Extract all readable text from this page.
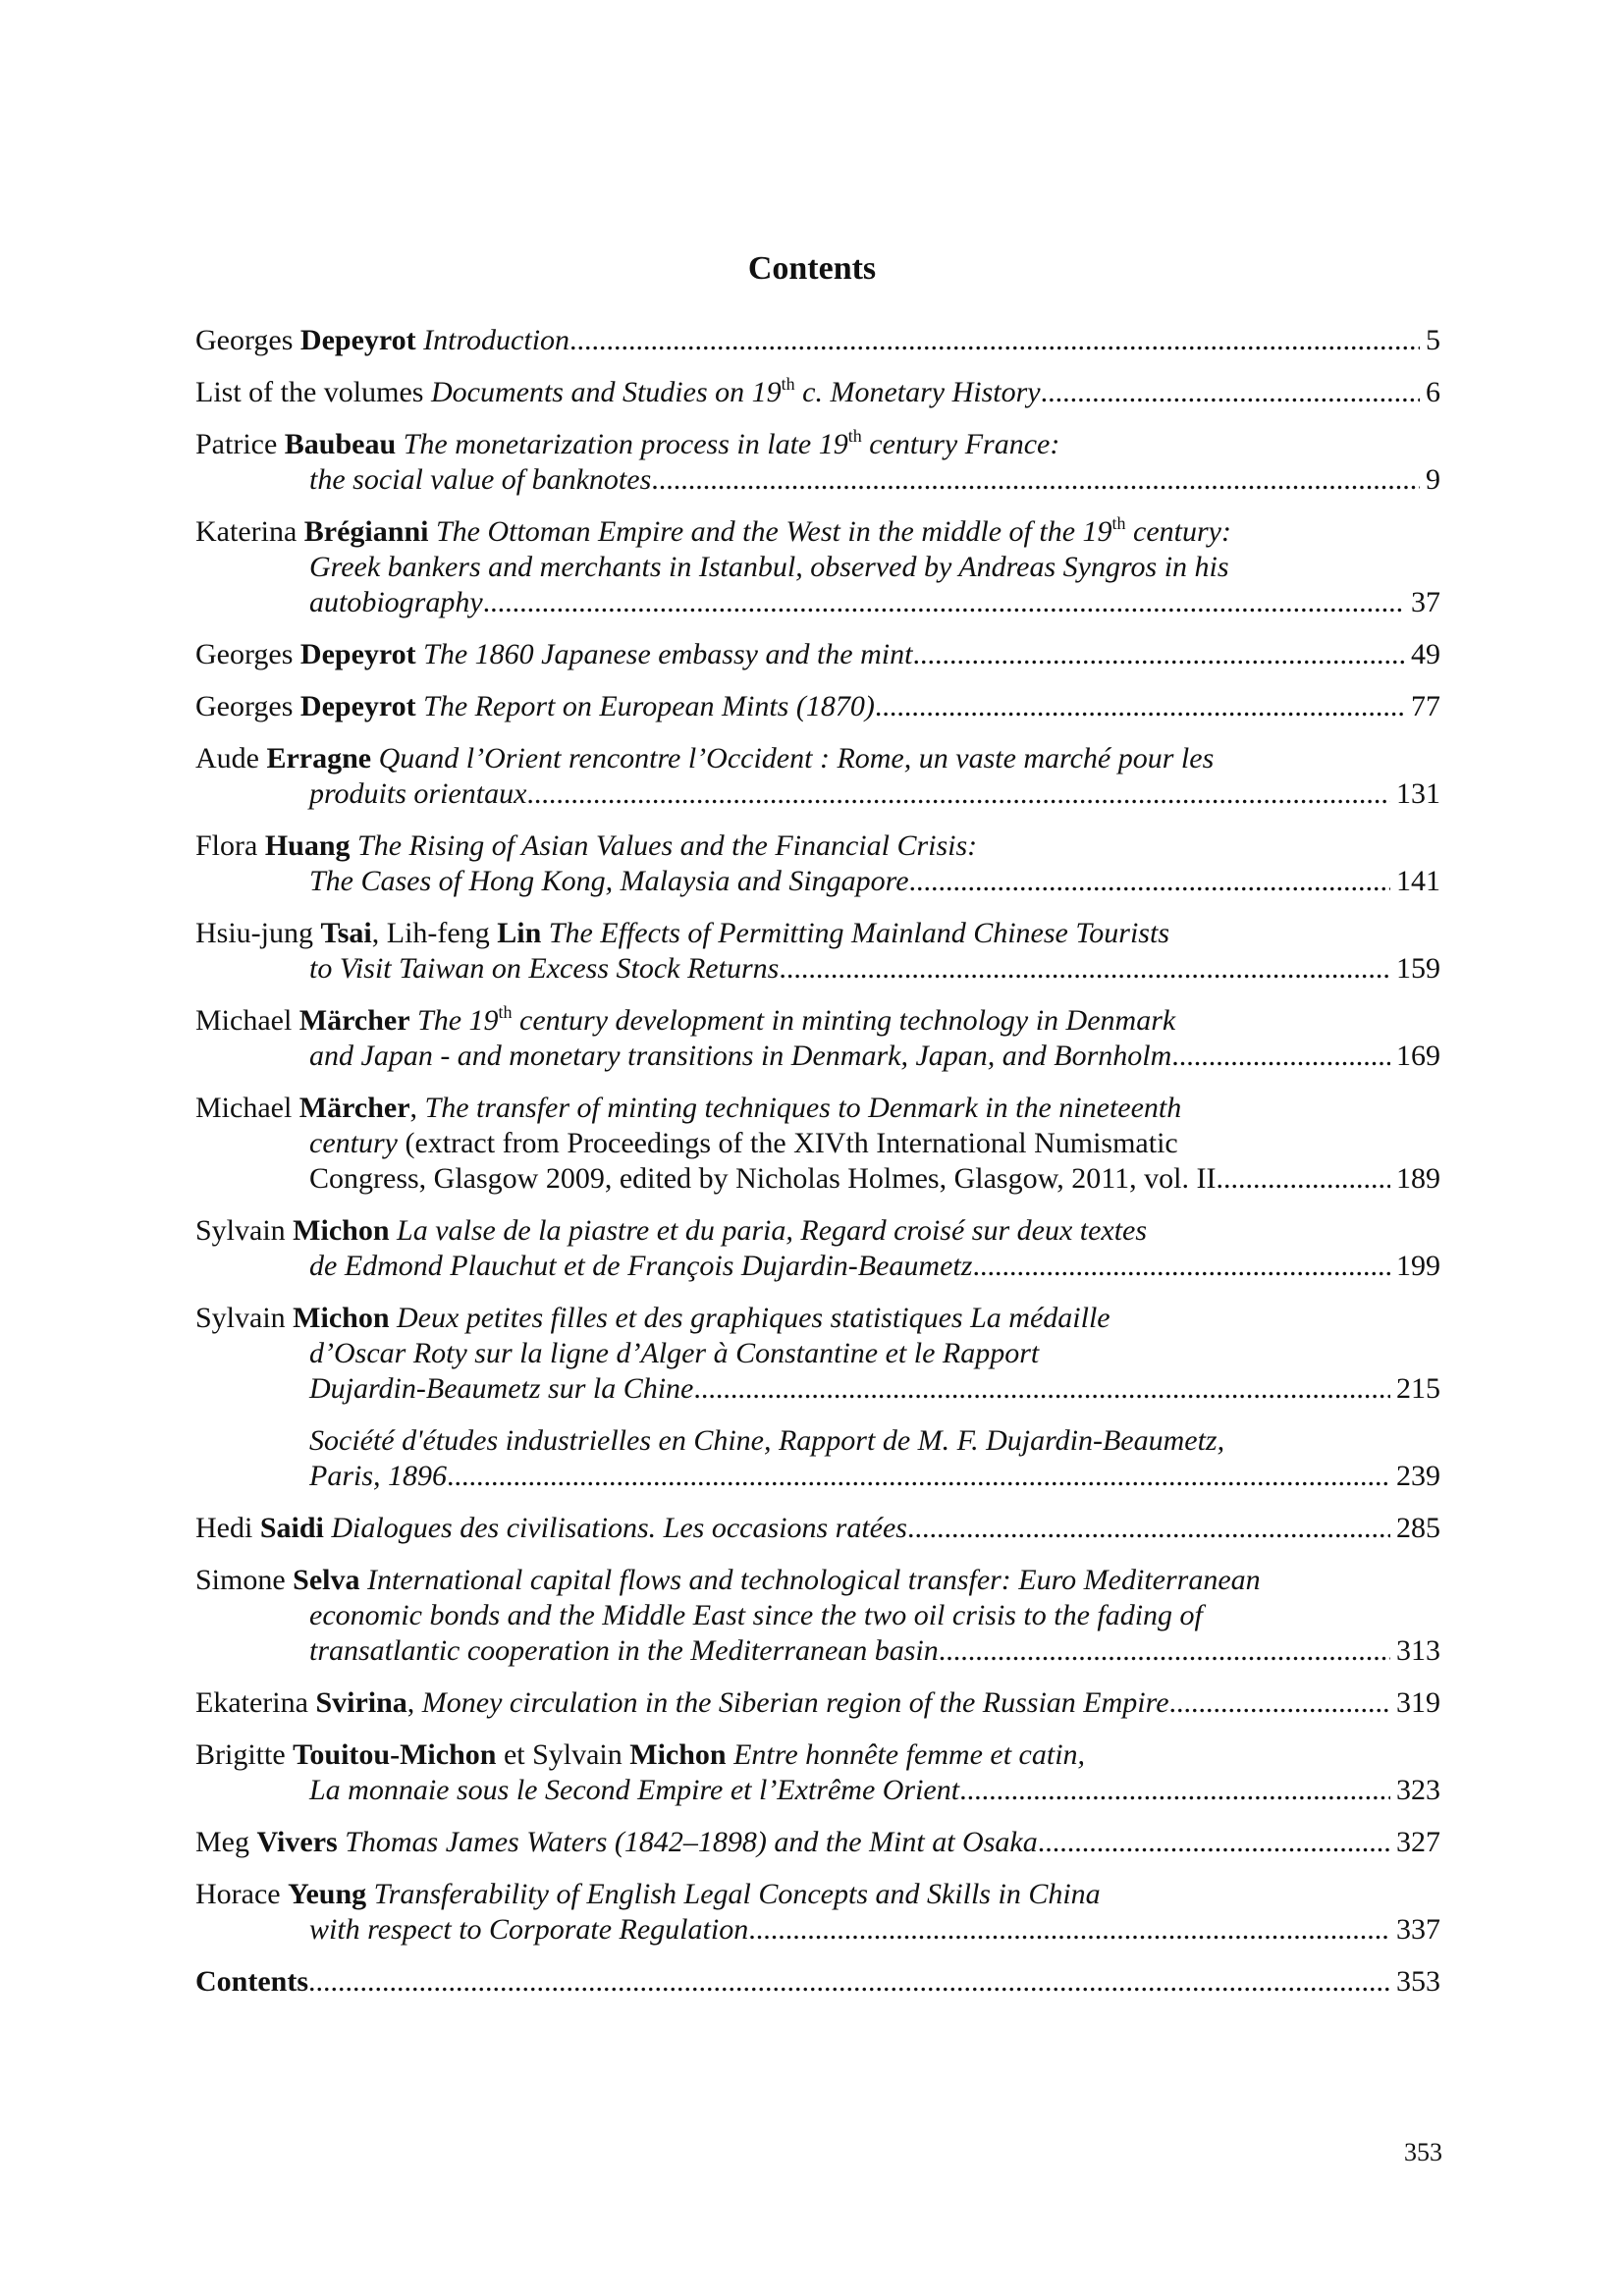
Contents
Georges Depeyrot Introduction .....	5
List of the volumes Documents and Studies on 19th c. Monetary History .....	6
Patrice Baubeau The monetarization process in late 19th century France:
the social value of banknotes .....	9
Katerina Brégianni The Ottoman Empire and the West in the middle of the 19th century:
Greek bankers and merchants in Istanbul, observed by Andreas Syngros in his
autobiography .....	37
Georges Depeyrot The 1860 Japanese embassy and the mint .....	49
Georges Depeyrot The Report on European Mints (1870) .....	77
Aude Erragne Quand l’Orient rencontre l’Occident : Rome, un vaste marché pour les
produits orientaux .....	131
Flora Huang The Rising of Asian Values and the Financial Crisis:
The Cases of Hong Kong, Malaysia and Singapore .....	141
Hsiu-jung Tsai, Lih-feng Lin The Effects of Permitting Mainland Chinese Tourists
to Visit Taiwan on Excess Stock Returns .....	159
Michael Märcher The 19th century development in minting technology in Denmark
and Japan - and monetary transitions in Denmark, Japan, and Bornholm .....	169
Michael Märcher, The transfer of minting techniques to Denmark in the nineteenth
century (extract from Proceedings of the XIVth International Numismatic
Congress, Glasgow 2009, edited by Nicholas Holmes, Glasgow, 2011, vol. II .....	189
Sylvain Michon La valse de la piastre et du paria, Regard croisé sur deux textes
de Edmond Plauchut et de François Dujardin-Beaumetz .....	199
Sylvain Michon Deux petites filles et des graphiques statistiques La médaille
d’Oscar Roty sur la ligne d’Alger à Constantine et le Rapport
Dujardin-Beaumetz sur la Chine .....	215
Société d'études industrielles en Chine, Rapport de M. F. Dujardin-Beaumetz,
Paris, 1896 .....	239
Hedi Saidi Dialogues des civilisations. Les occasions ratées .....	285
Simone Selva International capital flows and technological transfer: Euro Mediterranean
economic bonds and the Middle East since the two oil crisis to the fading of
transatlantic cooperation in the Mediterranean basin .....	313
Ekaterina Svirina, Money circulation in the Siberian region of the Russian Empire .....	319
Brigitte Touitou-Michon et Sylvain Michon Entre honnête femme et catin,
La monnaie sous le Second Empire et l’Extrême Orient .....	323
Meg Vivers Thomas James Waters (1842–1898) and the Mint at Osaka .....	327
Horace Yeung Transferability of English Legal Concepts and Skills in China
with respect to Corporate Regulation .....	337
Contents .....	353
353
